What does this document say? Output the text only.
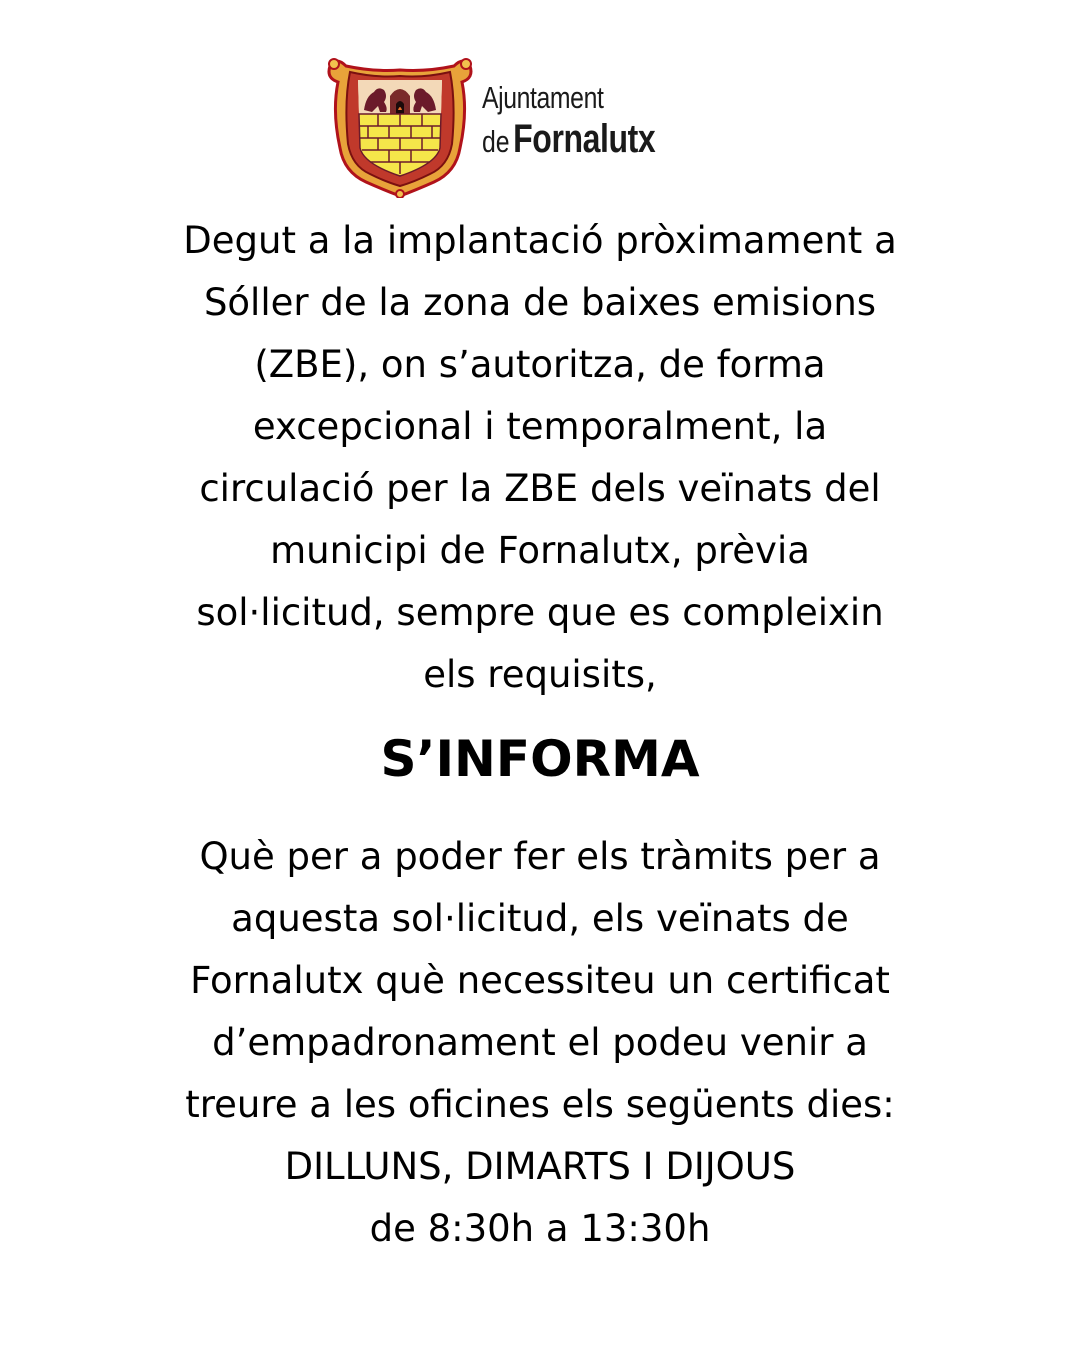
Ajuntament
de Fornalutx

Degut a la implantació pròximament a
Sóller de la zona de baixes emisions
(ZBE), on s’autoritza, de forma
excepcional i temporalment, la
circulació per la ZBE dels veïnats del
municipi de Fornalutx, prèvia
sol·licitud, sempre que es compleixin
els requisits,

S’INFORMA

Què per a poder fer els tràmits per a
aquesta sol·licitud, els veïnats de
Fornalutx què necessiteu un certificat
d’empadronament el podeu venir a
treure a les oficines els següents dies:
DILLUNS, DIMARTS I DIJOUS
de 8:30h a 13:30h
